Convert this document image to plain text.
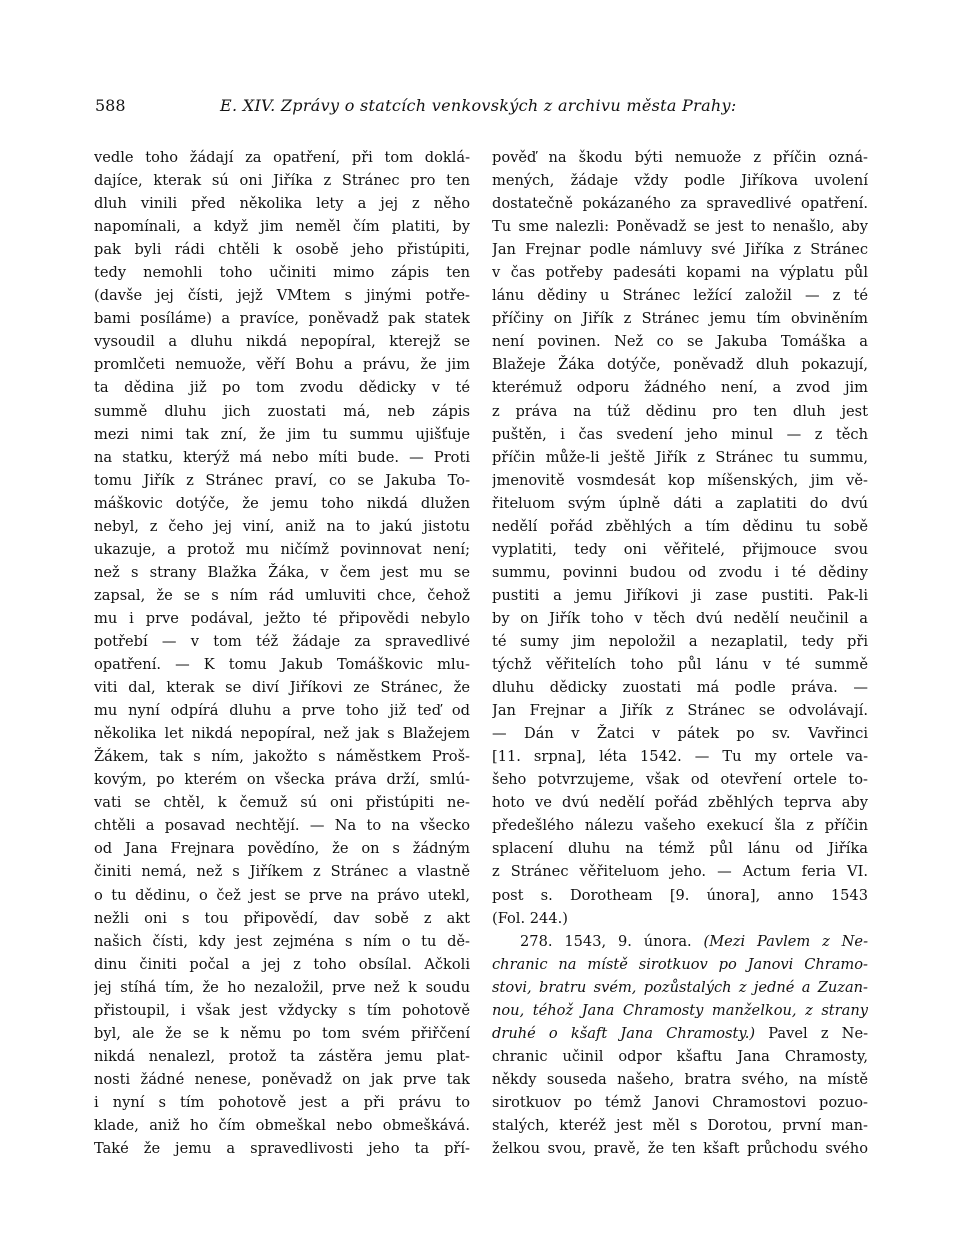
588	E. XIV. Zprávy o statcích venkovských z archivu města Prahy:
vedle toho žádají za opatření, při tom doklá-
dajíce, kterak sú oni Jiříka z Stránec pro ten
dluh vinili před několika lety a jej z něho
napomínali, a když jim neměl čím platiti, by
pak byli rádi chtěli k osobě jeho přistúpiti,
tedy nemohli toho učiniti mimo zápis ten
(davše jej čísti, jejž VMtem s jinými potře-
bami posíláme) a pravíce, poněvadž pak statek
vysoudil a dluhu nikdá nepopíral, kterejž se
promlčeti nemuože, věří Bohu a právu, že jim
ta dědina již po tom zvodu dědicky v té
summě dluhu jich zuostati má, neb zápis
mezi nimi tak zní, že jim tu summu ujišťuje
na statku, kterýž má nebo míti bude. — Proti
tomu Jiřík z Stránec praví, co se Jakuba To-
máškovic dotýče, že jemu toho nikdá dlužen
nebyl, z čeho jej viní, aniž na to jakú jistotu
ukazuje, a protož mu ničímž povinnovat není;
než s strany Blažka Žáka, v čem jest mu se
zapsal, že se s ním rád umluviti chce, čehož
mu i prve podával, ježto té připovědi nebylo
potřebí — v tom též žádaje za spravedlivé
opatření. — K tomu Jakub Tomáškovic mlu-
viti dal, kterak se diví Jiříkovi ze Stránec, že
mu nyní odpírá dluhu a prve toho již teď od
několika let nikdá nepopíral, než jak s Blažejem
Žákem, tak s ním, jakožto s náměstkem Proš-
kovým, po kterém on všecka práva drží, smlú-
vati se chtěl, k čemuž sú oni přistúpiti ne-
chtěli a posavad nechtějí. — Na to na všecko
od Jana Frejnara povědíno, že on s žádným
činiti nemá, než s Jiříkem z Stránec a vlastně
o tu dědinu, o čež jest se prve na právo utekl,
nežli oni s tou připovědí, dav sobě z akt
našich čísti, kdy jest zejména s ním o tu dě-
dinu činiti počal a jej z toho obsílal. Ačkoli
jej stíhá tím, že ho nezaložil, prve než k soudu
přistoupil, i však jest vždycky s tím pohotově
byl, ale že se k němu po tom svém přiřčení
nikdá nenalezl, protož ta zástěra jemu plat-
nosti žádné nenese, poněvadž on jak prve tak
i nyní s tím pohotově jest a při právu to
klade, aniž ho čím obmeškal nebo obmeškává.
Také že jemu a spravedlivosti jeho ta pří-
pověď na škodu býti nemuože z příčin ozná-
mených, žádaje vždy podle Jiříkova uvolení
dostatečně pokázaného za spravedlivé opatření.
Tu sme nalezli: Poněvadž se jest to nenašlo, aby
Jan Frejnar podle námluvy své Jiříka z Stránec
v čas potřeby padesáti kopami na výplatu půl
lánu dědiny u Stránec ležící založil — z té
příčiny on Jiřík z Stránec jemu tím obviněním
není povinen. Než co se Jakuba Tomáška a
Blažeje Žáka dotýče, poněvadž dluh pokazují,
kterémuž odporu žádného není, a zvod jim
z práva na túž dědinu pro ten dluh jest
puštěn, i čas svedení jeho minul — z těch
příčin může-li ještě Jiřík z Stránec tu summu,
jmenovitě vosmdesát kop míšenských, jim vě-
řiteluom svým úplně dáti a zaplatiti do dvú
nedělí pořád zběhlých a tím dědinu tu sobě
vyplatiti, tedy oni věřitelé, přijmouce svou
summu, povinni budou od zvodu i té dědiny
pustiti a jemu Jiříkovi ji zase pustiti. Pak-li
by on Jiřík toho v těch dvú nedělí neučinil a
té sumy jim nepoložil a nezaplatil, tedy při
týchž věřitelích toho půl lánu v té summě
dluhu dědicky zuostati má podle práva. —
Jan Frejnar a Jiřík z Stránec se odvolávají.
— Dán v Žatci v pátek po sv. Vavřinci
[11. srpna], léta 1542. — Tu my ortele va-
šeho potvrzujeme, však od otevření ortele to-
hoto ve dvú nedělí pořád zběhlých teprva aby
předešlého nálezu vašeho exekucí šla z příčin
splacení dluhu na témž půl lánu od Jiříka
z Stránec věřiteluom jeho. — Actum feria VI.
post s. Dorotheam [9. února], anno 1543
(Fol. 244.)
278. 1543, 9. února. (Mezi Pavlem z Ne-
chranic na místě sirotkuov po Janovi Chramo-
stovi, bratru svém, pozůstalých z jedné a Zuzan-
nou, téhož Jana Chramosty manželkou, z strany
druhé o kšaft Jana Chramosty.) Pavel z Ne-
chranic učinil odpor kšaftu Jana Chramosty,
někdy souseda našeho, bratra svého, na místě
sirotkuov po témž Janovi Chramostovi pozuo-
stalých, kteréž jest měl s Dorotou, první man-
želkou svou, pravě, že ten kšaft průchodu svého
